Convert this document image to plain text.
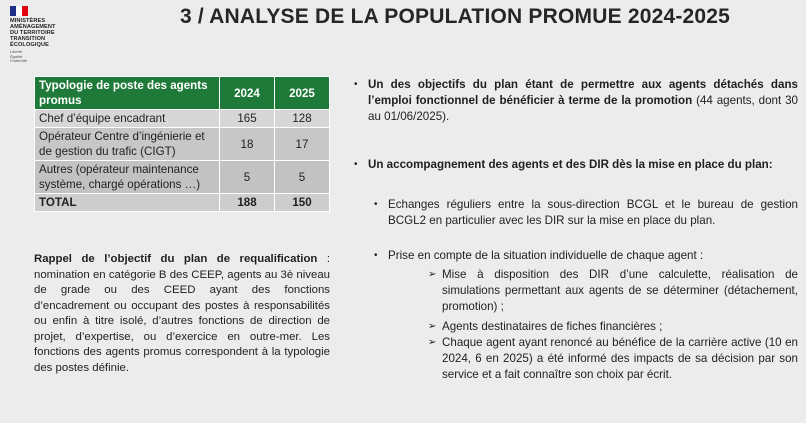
MINISTÈRES
AMÉNAGEMENT
DU TERRITOIRE
TRANSITION
ÉCOLOGIQUE
Liberté
Égalité
Fraternité
3 / ANALYSE DE LA POPULATION PROMUE 2024-2025
Typologie de poste des agents promus	2024	2025
Chef d’équipe encadrant	165	128
Opérateur Centre d’ingénierie et de gestion du trafic (CIGT)	18	17
Autres (opérateur maintenance système, chargé opérations …)	5	5
TOTAL	188	150
Rappel de l’objectif du plan de requalification : nomination en catégorie B des CEEP, agents au 3è niveau de grade ou des CEED ayant des fonctions d’encadrement ou occupant des postes à responsabilités ou enfin à titre isolé, d’autres fonctions de direction de projet, d’expertise, ou d’exercice en outre-mer. Les fonctions des agents promus correspondent à la typologie des postes définie.
• Un des objectifs du plan étant de permettre aux agents détachés dans l’emploi fonctionnel de bénéficier à terme de la promotion (44 agents, dont 30 au 01/06/2025).
• Un accompagnement des agents et des DIR dès la mise en place du plan:
• Echanges réguliers entre la sous-direction BCGL et le bureau de gestion BCGL2 en particulier avec les DIR sur la mise en place du plan.
• Prise en compte de la situation individuelle de chaque agent :
➢ Mise à disposition des DIR d’une calculette, réalisation de simulations permettant aux agents de se déterminer (détachement, promotion) ;
➢ Agents destinataires de fiches financières ;
➢ Chaque agent ayant renoncé au bénéfice de la carrière active (10 en 2024, 6 en 2025) a été informé des impacts de sa décision par son service et a fait connaître son choix par écrit.
